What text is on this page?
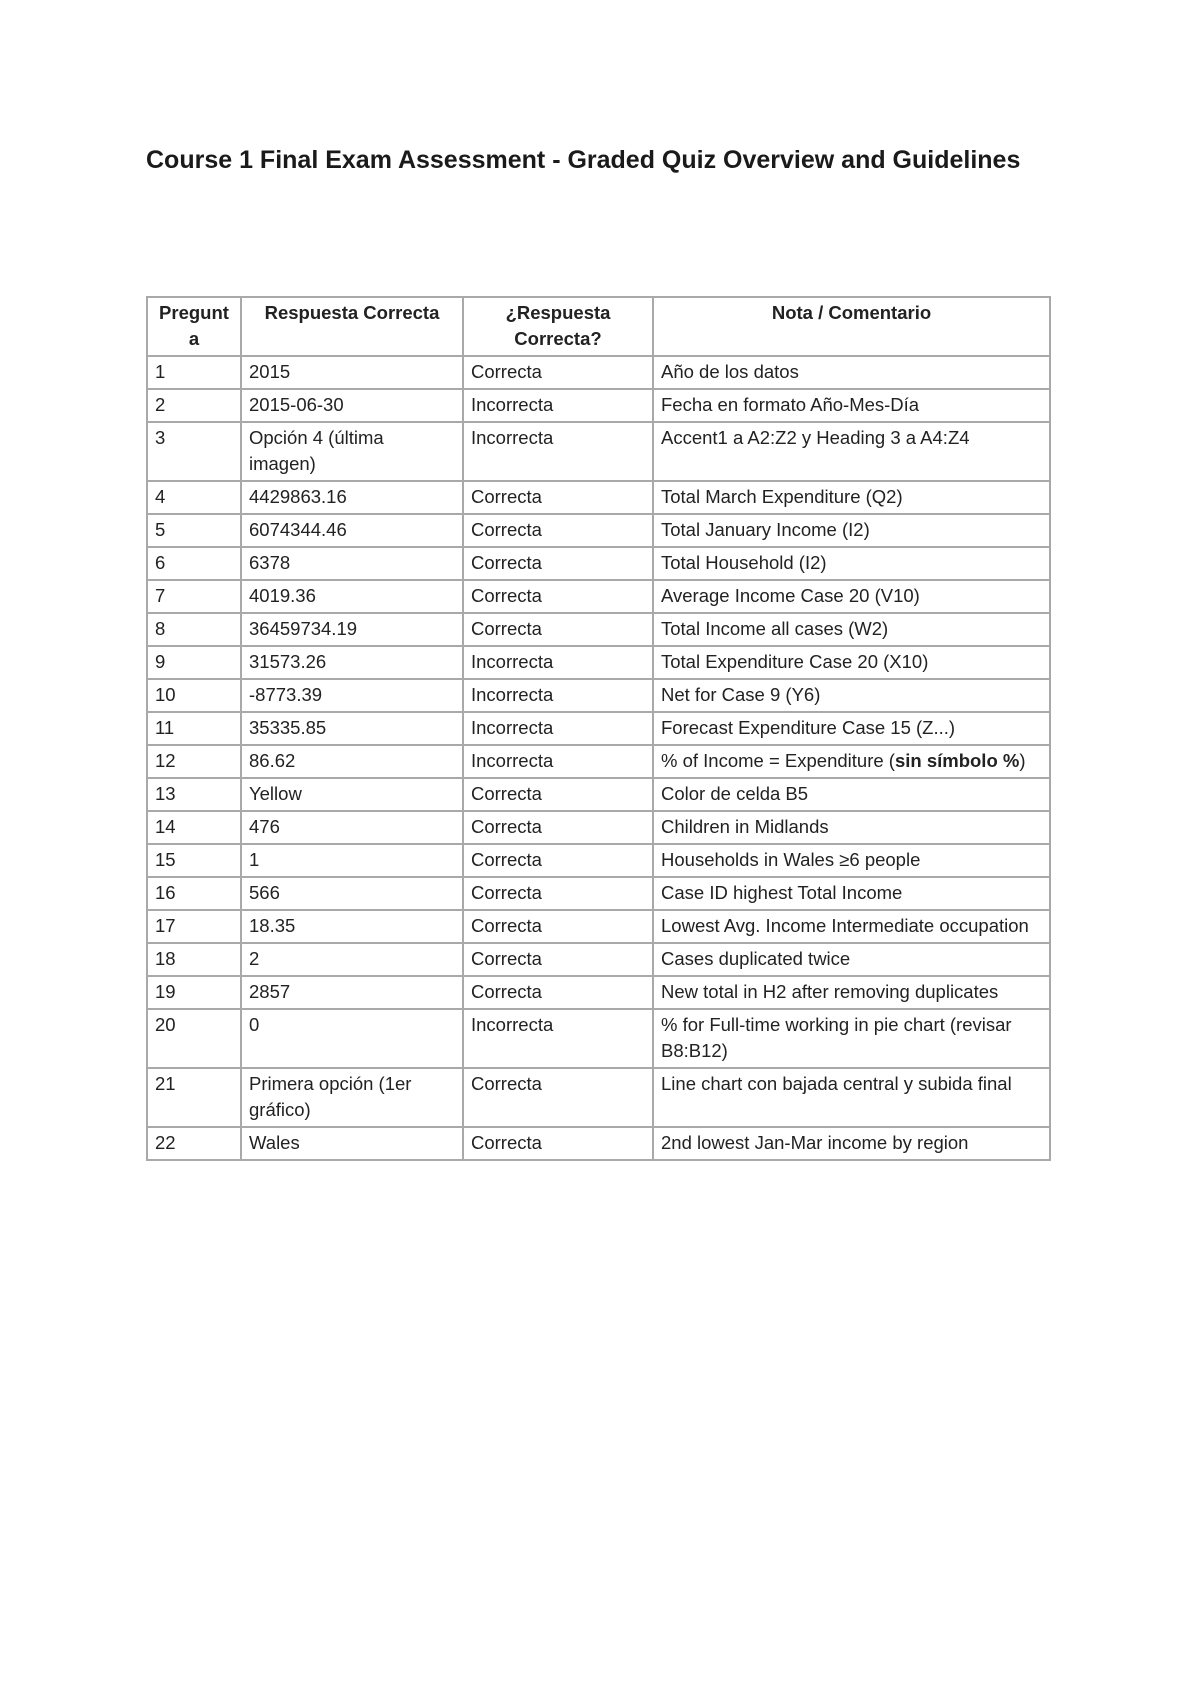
Course 1 Final Exam Assessment - Graded Quiz Overview and Guidelines
Pregunta	Respuesta Correcta	¿Respuesta Correcta?	Nota / Comentario
1	2015	Correcta	Año de los datos
2	2015-06-30	Incorrecta	Fecha en formato Año-Mes-Día
3	Opción 4 (última imagen)	Incorrecta	Accent1 a A2:Z2 y Heading 3 a A4:Z4
4	4429863.16	Correcta	Total March Expenditure (Q2)
5	6074344.46	Correcta	Total January Income (I2)
6	6378	Correcta	Total Household (I2)
7	4019.36	Correcta	Average Income Case 20 (V10)
8	36459734.19	Correcta	Total Income all cases (W2)
9	31573.26	Incorrecta	Total Expenditure Case 20 (X10)
10	-8773.39	Incorrecta	Net for Case 9 (Y6)
11	35335.85	Incorrecta	Forecast Expenditure Case 15 (Z...)
12	86.62	Incorrecta	% of Income = Expenditure (sin símbolo %)
13	Yellow	Correcta	Color de celda B5
14	476	Correcta	Children in Midlands
15	1	Correcta	Households in Wales ≥6 people
16	566	Correcta	Case ID highest Total Income
17	18.35	Correcta	Lowest Avg. Income Intermediate occupation
18	2	Correcta	Cases duplicated twice
19	2857	Correcta	New total in H2 after removing duplicates
20	0	Incorrecta	% for Full-time working in pie chart (revisar B8:B12)
21	Primera opción (1er gráfico)	Correcta	Line chart con bajada central y subida final
22	Wales	Correcta	2nd lowest Jan-Mar income by region
